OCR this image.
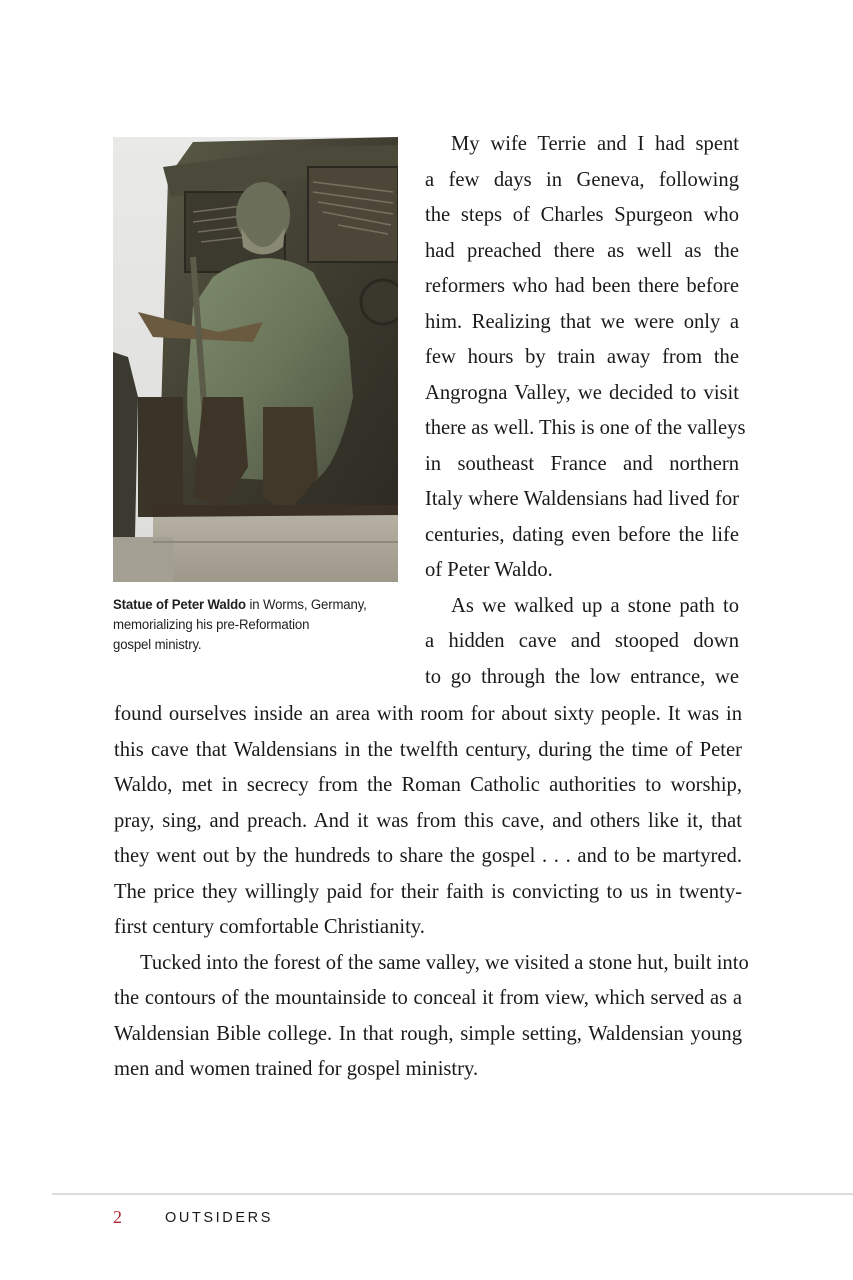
Statue of Peter Waldo in Worms, Germany,
memorializing his pre-Reformation
gospel ministry.
My wife Terrie and I had spent
a few days in Geneva, following
the steps of Charles Spurgeon who
had preached there as well as the
reformers who had been there before
him. Realizing that we were only a
few hours by train away from the
Angrogna Valley, we decided to visit
there as well. This is one of the valleys
in southeast France and northern
Italy where Waldensians had lived for
centuries, dating even before the life
of Peter Waldo.
As we walked up a stone path to
a hidden cave and stooped down
to go through the low entrance, we
found ourselves inside an area with room for about sixty people. It was in
this cave that Waldensians in the twelfth century, during the time of Peter
Waldo, met in secrecy from the Roman Catholic authorities to worship,
pray, sing, and preach. And it was from this cave, and others like it, that
they went out by the hundreds to share the gospel . . . and to be martyred.
The price they willingly paid for their faith is convicting to us in twenty-
first century comfortable Christianity.
Tucked into the forest of the same valley, we visited a stone hut, built into
the contours of the mountainside to conceal it from view, which served as a
Waldensian Bible college. In that rough, simple setting, Waldensian young
men and women trained for gospel ministry.
2	OUTSIDERS
